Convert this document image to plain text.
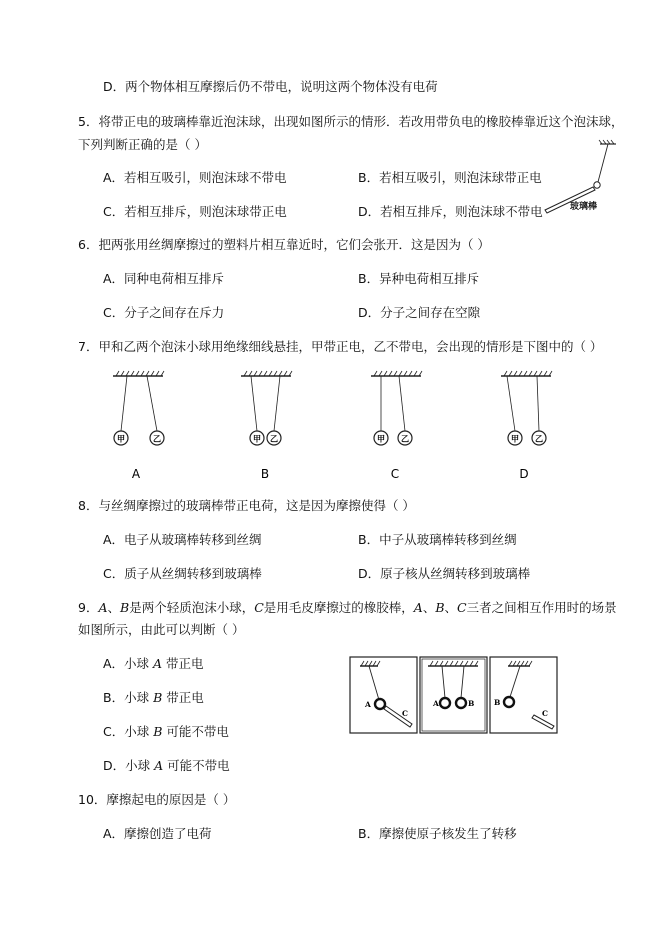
D．两个物体相互摩擦后仍不带电，说明这两个物体没有电荷
5．将带正电的玻璃棒靠近泡沫球，出现如图所示的情形．若改用带负电的橡胶棒靠近这个泡沫球，
下列判断正确的是（ ）
A．若相互吸引，则泡沫球不带电	B．若相互吸引，则泡沫球带正电
C．若相互排斥，则泡沫球带正电	D．若相互排斥，则泡沫球不带电	玻璃棒
6．把两张用丝绸摩擦过的塑料片相互靠近时，它们会张开．这是因为（ ）
A．同种电荷相互排斥	B．异种电荷相互排斥
C．分子之间存在斥力	D．分子之间存在空隙
7．甲和乙两个泡沫小球用绝缘细线悬挂，甲带正电，乙不带电，会出现的情形是下图中的（ ）
甲	乙
A
甲 乙
B
甲 乙
C
甲 乙
D
8．与丝绸摩擦过的玻璃棒带正电荷，这是因为摩擦使得（ ）
A．电子从玻璃棒转移到丝绸	B．中子从玻璃棒转移到丝绸
C．质子从丝绸转移到玻璃棒	D．原子核从丝绸转移到玻璃棒
9．A、B是两个轻质泡沫小球，C是用毛皮摩擦过的橡胶棒，A、B、C三者之间相互作用时的场景
如图所示，由此可以判断（ ）
A．小球 A 带正电
B．小球 B 带正电
C．小球 B 可能不带电
D．小球 A 可能不带电
A
C
A	B	B
C
10．摩擦起电的原因是（ ）
A．摩擦创造了电荷	B．摩擦使原子核发生了转移
